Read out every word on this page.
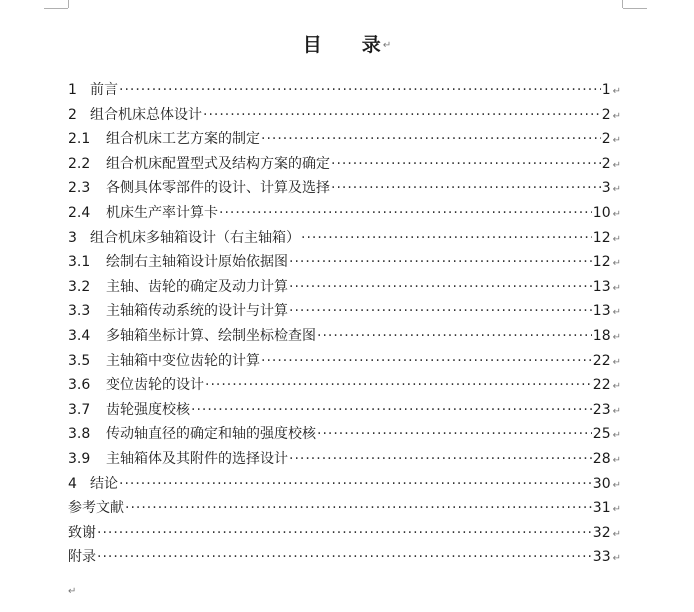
目 录 ↵
1 前言 ·····	1 ↵
2 组合机床总体设计 ·····	2 ↵
2.1	组合机床工艺方案的制定 ·····	2 ↵
2.2	组合机床配置型式及结构方案的确定 ·····	2 ↵
2.3	各侧具体零部件的设计、计算及选择 ·····	3 ↵
2.4	机床生产率计算卡 ·····	10 ↵
3 组合机床多轴箱设计（右主轴箱） ·····	12 ↵
3.1	绘制右主轴箱设计原始依据图 ·····	12 ↵
3.2	主轴、齿轮的确定及动力计算 ·····	13 ↵
3.3	主轴箱传动系统的设计与计算 ·····	13 ↵
3.4	多轴箱坐标计算、绘制坐标检查图 ·····	18 ↵
3.5	主轴箱中变位齿轮的计算 ·····	22 ↵
3.6	变位齿轮的设计 ·····	22 ↵
3.7	齿轮强度校核 ·····	23 ↵
3.8	传动轴直径的确定和轴的强度校核 ·····	25 ↵
3.9	主轴箱体及其附件的选择设计 ·····	28 ↵
4 结论 ·····	30 ↵
参考文献 ·····	31 ↵
致谢 ·····	32 ↵
附录 ·····	33 ↵
↵
